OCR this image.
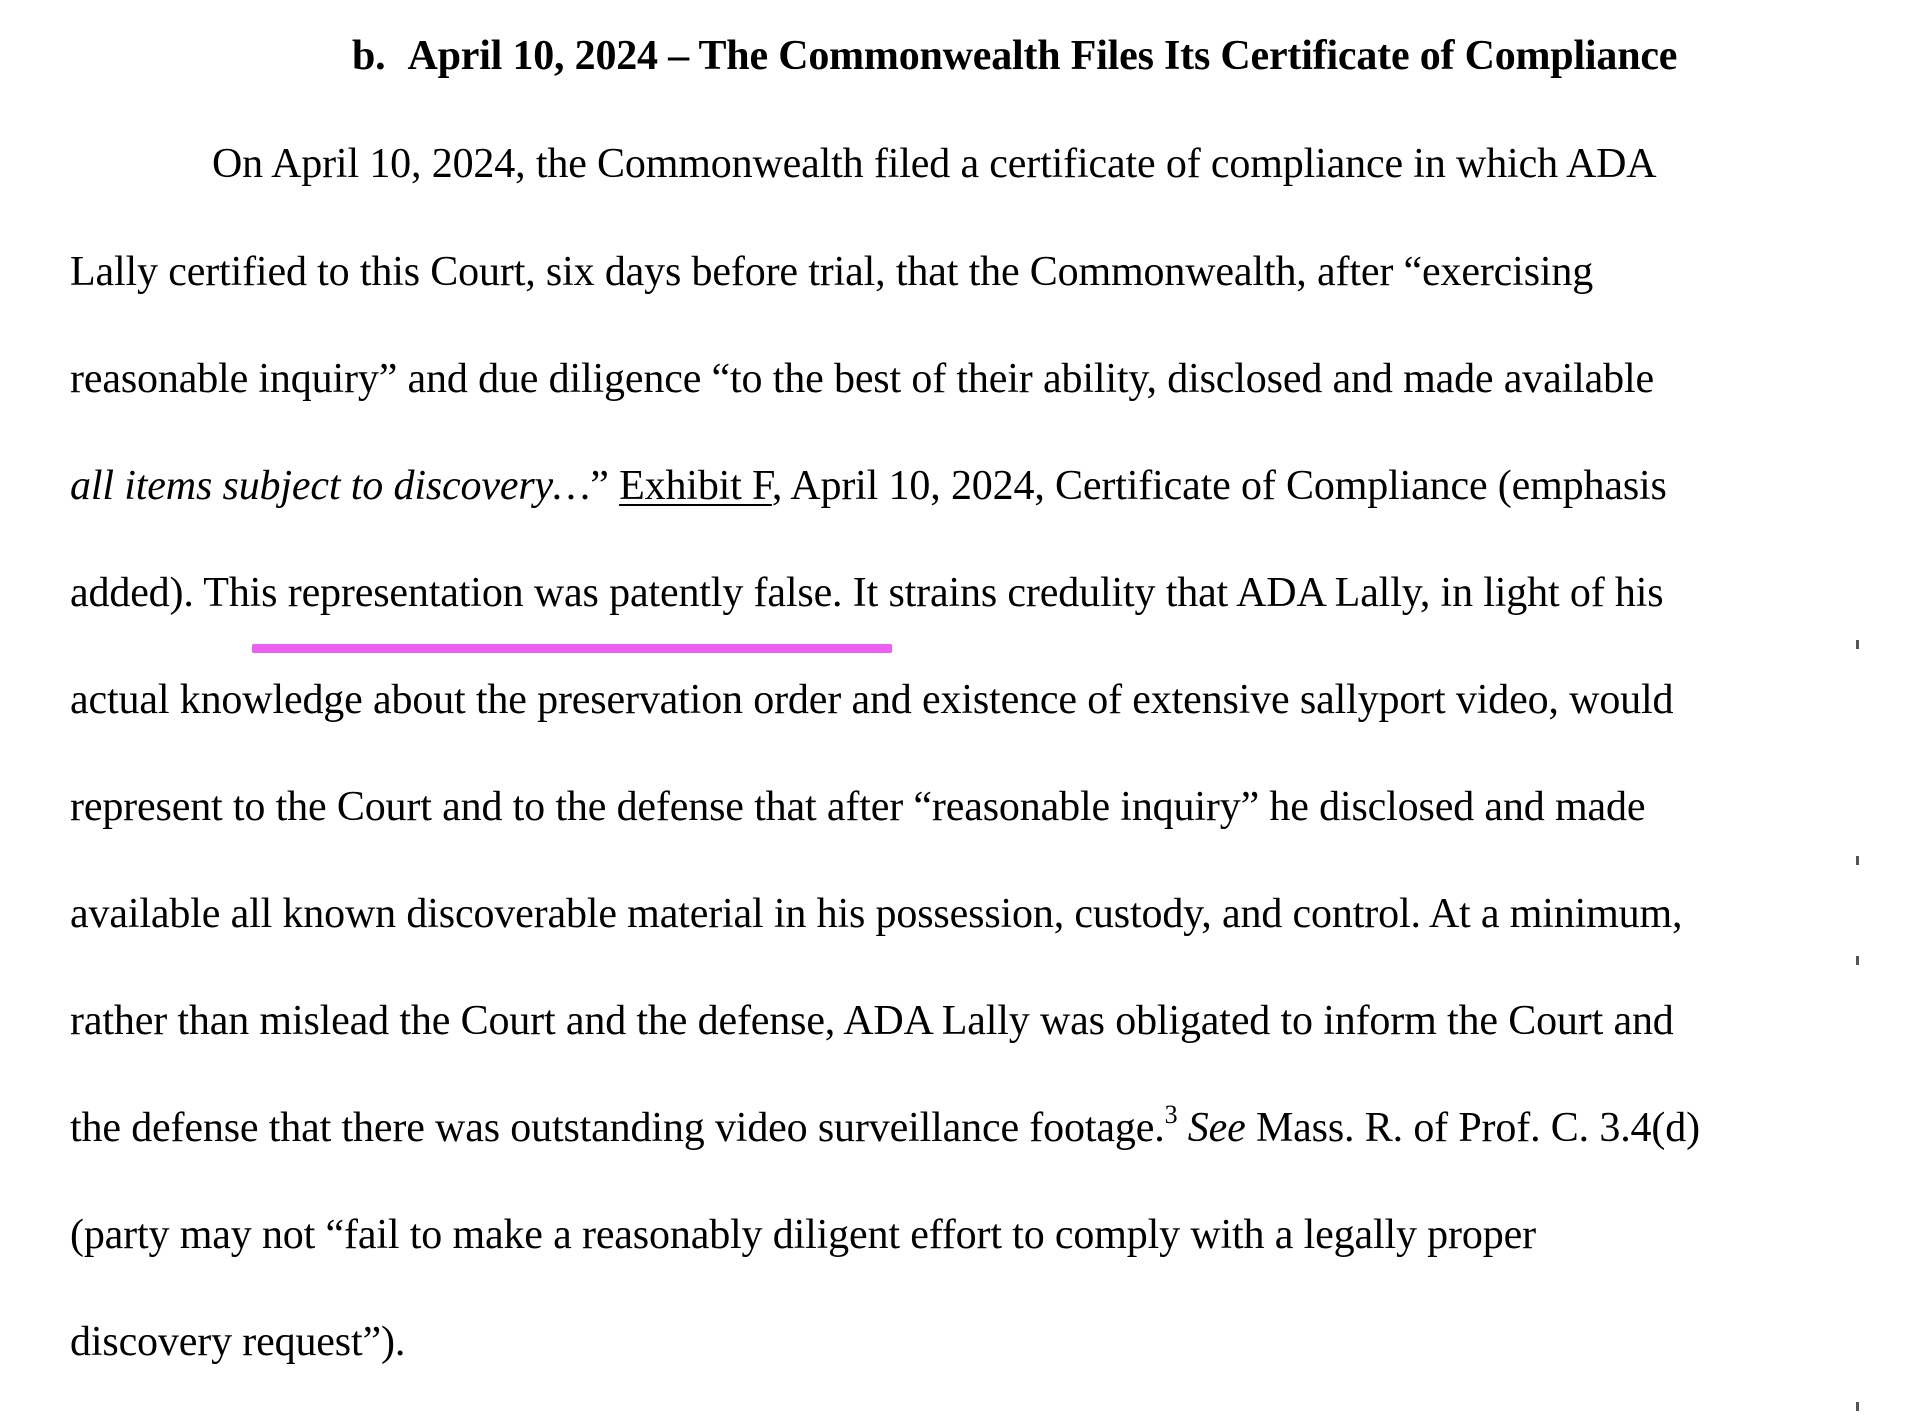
b. April 10, 2024 – The Commonwealth Files Its Certificate of Compliance
On April 10, 2024, the Commonwealth filed a certificate of compliance in which ADA
Lally certified to this Court, six days before trial, that the Commonwealth, after “exercising
reasonable inquiry” and due diligence “to the best of their ability, disclosed and made available
all items subject to discovery…” Exhibit F, April 10, 2024, Certificate of Compliance (emphasis
added). This representation was patently false. It strains credulity that ADA Lally, in light of his
actual knowledge about the preservation order and existence of extensive sallyport video, would
represent to the Court and to the defense that after “reasonable inquiry” he disclosed and made
available all known discoverable material in his possession, custody, and control. At a minimum,
rather than mislead the Court and the defense, ADA Lally was obligated to inform the Court and
the defense that there was outstanding video surveillance footage.$^3$ See Mass. R. of Prof. C. 3.4(d)
(party may not “fail to make a reasonably diligent effort to comply with a legally proper
discovery request”).
